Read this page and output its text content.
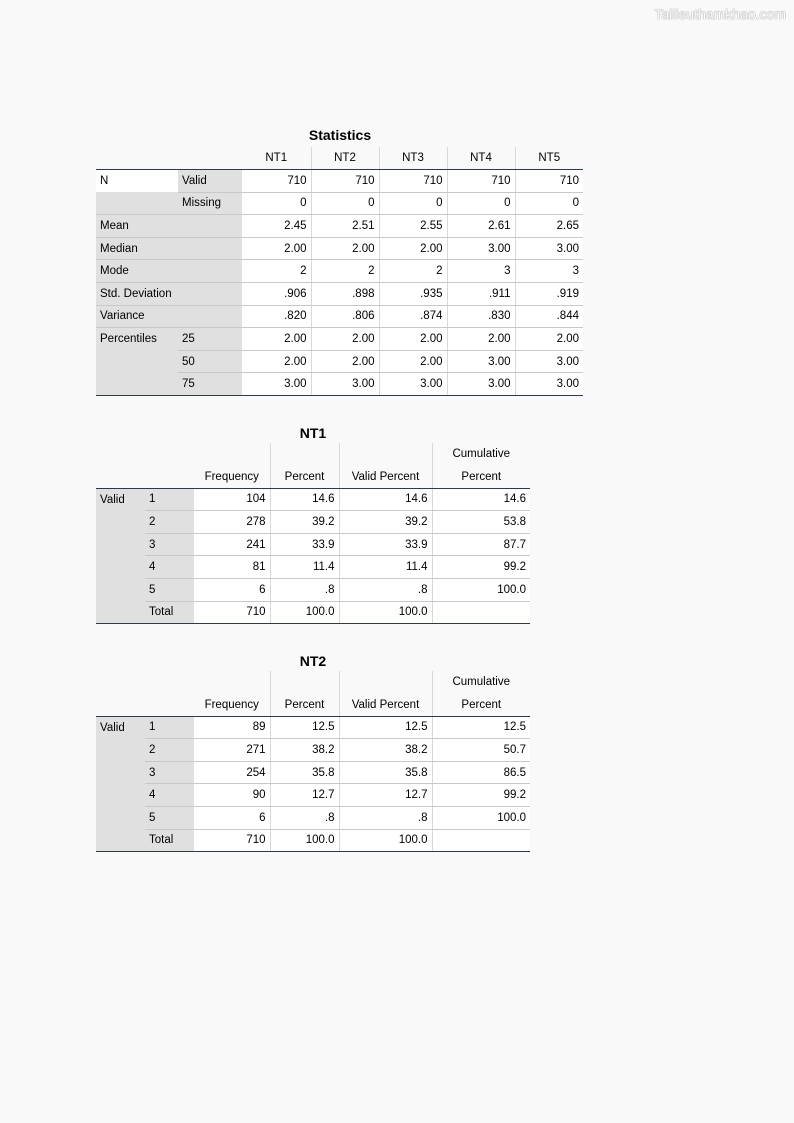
Tailieuthamkhao.com
Statistics
		NT1	NT2	NT3	NT4	NT5
N	Valid	710	710	710	710	710
	Missing	0	0	0	0	0
Mean		2.45	2.51	2.55	2.61	2.65
Median		2.00	2.00	2.00	3.00	3.00
Mode		2	2	2	3	3
Std. Deviation		.906	.898	.935	.911	.919
Variance		.820	.806	.874	.830	.844
Percentiles	25	2.00	2.00	2.00	2.00	2.00
	50	2.00	2.00	2.00	3.00	3.00
	75	3.00	3.00	3.00	3.00	3.00
NT1
					Cumulative
		Frequency	Percent	Valid Percent	Percent
Valid	1	104	14.6	14.6	14.6
	2	278	39.2	39.2	53.8
	3	241	33.9	33.9	87.7
	4	81	11.4	11.4	99.2
	5	6	.8	.8	100.0
	Total	710	100.0	100.0	
NT2
					Cumulative
		Frequency	Percent	Valid Percent	Percent
Valid	1	89	12.5	12.5	12.5
	2	271	38.2	38.2	50.7
	3	254	35.8	35.8	86.5
	4	90	12.7	12.7	99.2
	5	6	.8	.8	100.0
	Total	710	100.0	100.0	
